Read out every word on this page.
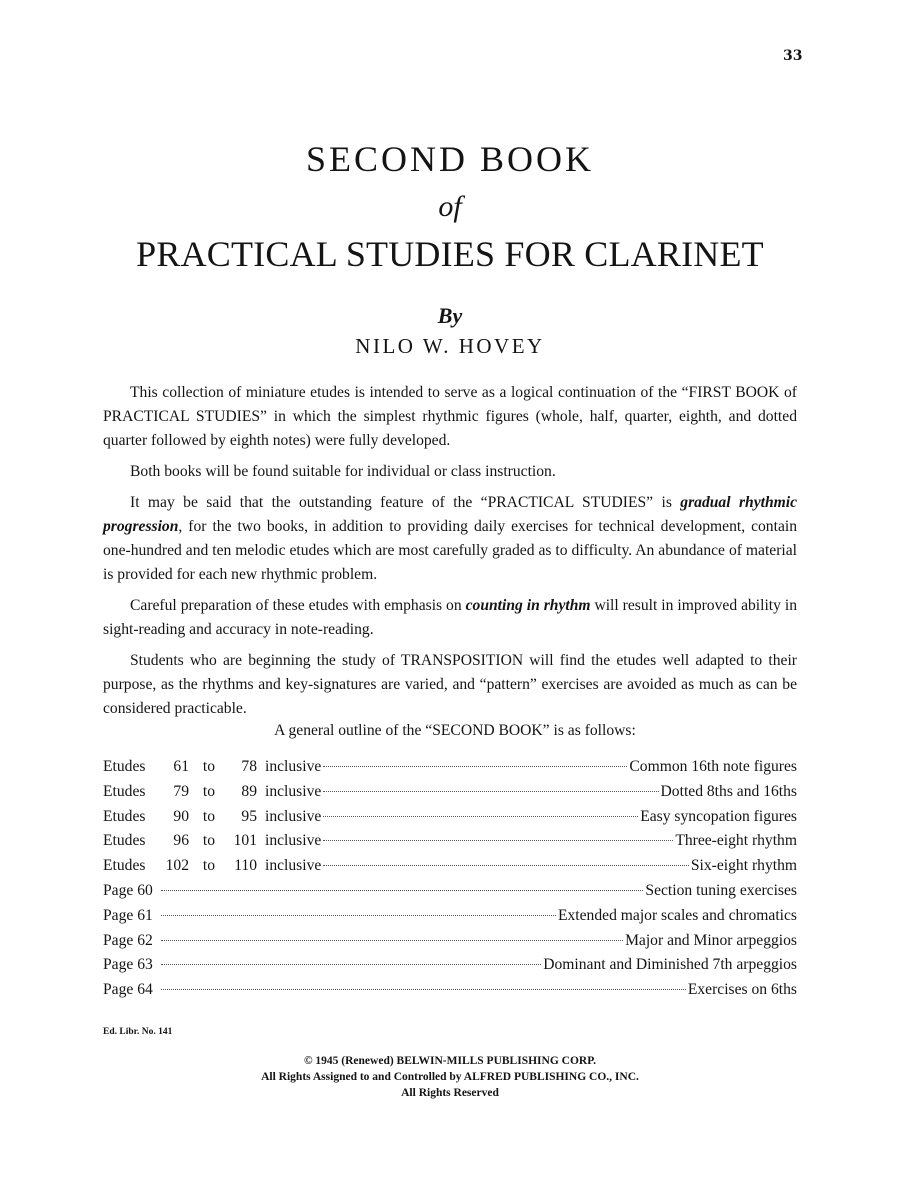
33
SECOND BOOK
of
PRACTICAL STUDIES FOR CLARINET
By
NILO W. HOVEY

This collection of miniature etudes is intended to serve as a logical continuation of the “FIRST BOOK of PRACTICAL STUDIES” in which the simplest rhythmic figures (whole, half, quarter, eighth, and dotted quarter followed by eighth notes) were fully developed.

Both books will be found suitable for individual or class instruction.

It may be said that the outstanding feature of the “PRACTICAL STUDIES” is gradual rhythmic progression, for the two books, in addition to providing daily exercises for technical development, contain one-hundred and ten melodic etudes which are most carefully graded as to difficulty. An abundance of material is provided for each new rhythmic problem.

Careful preparation of these etudes with emphasis on counting in rhythm will result in improved ability in sight-reading and accuracy in note-reading.

Students who are beginning the study of TRANSPOSITION will find the etudes well adapted to their purpose, as the rhythms and key-signatures are varied, and “pattern” exercises are avoided as much as can be considered practicable.

A general outline of the “SECOND BOOK” is as follows:
Etudes	61 to	78 inclusive	Common 16th note figures
Etudes	79 to	89 inclusive	Dotted 8ths and 16ths
Etudes	90 to	95 inclusive	Easy syncopation figures
Etudes	96 to	101 inclusive	Three-eight rhythm
Etudes	102 to	110 inclusive	Six-eight rhythm
Page 60	Section tuning exercises
Page 61	Extended major scales and chromatics
Page 62	Major and Minor arpeggios
Page 63	Dominant and Diminished 7th arpeggios
Page 64	Exercises on 6ths
Ed. Libr. No. 141
© 1945 (Renewed) BELWIN-MILLS PUBLISHING CORP.
All Rights Assigned to and Controlled by ALFRED PUBLISHING CO., INC.
All Rights Reserved
